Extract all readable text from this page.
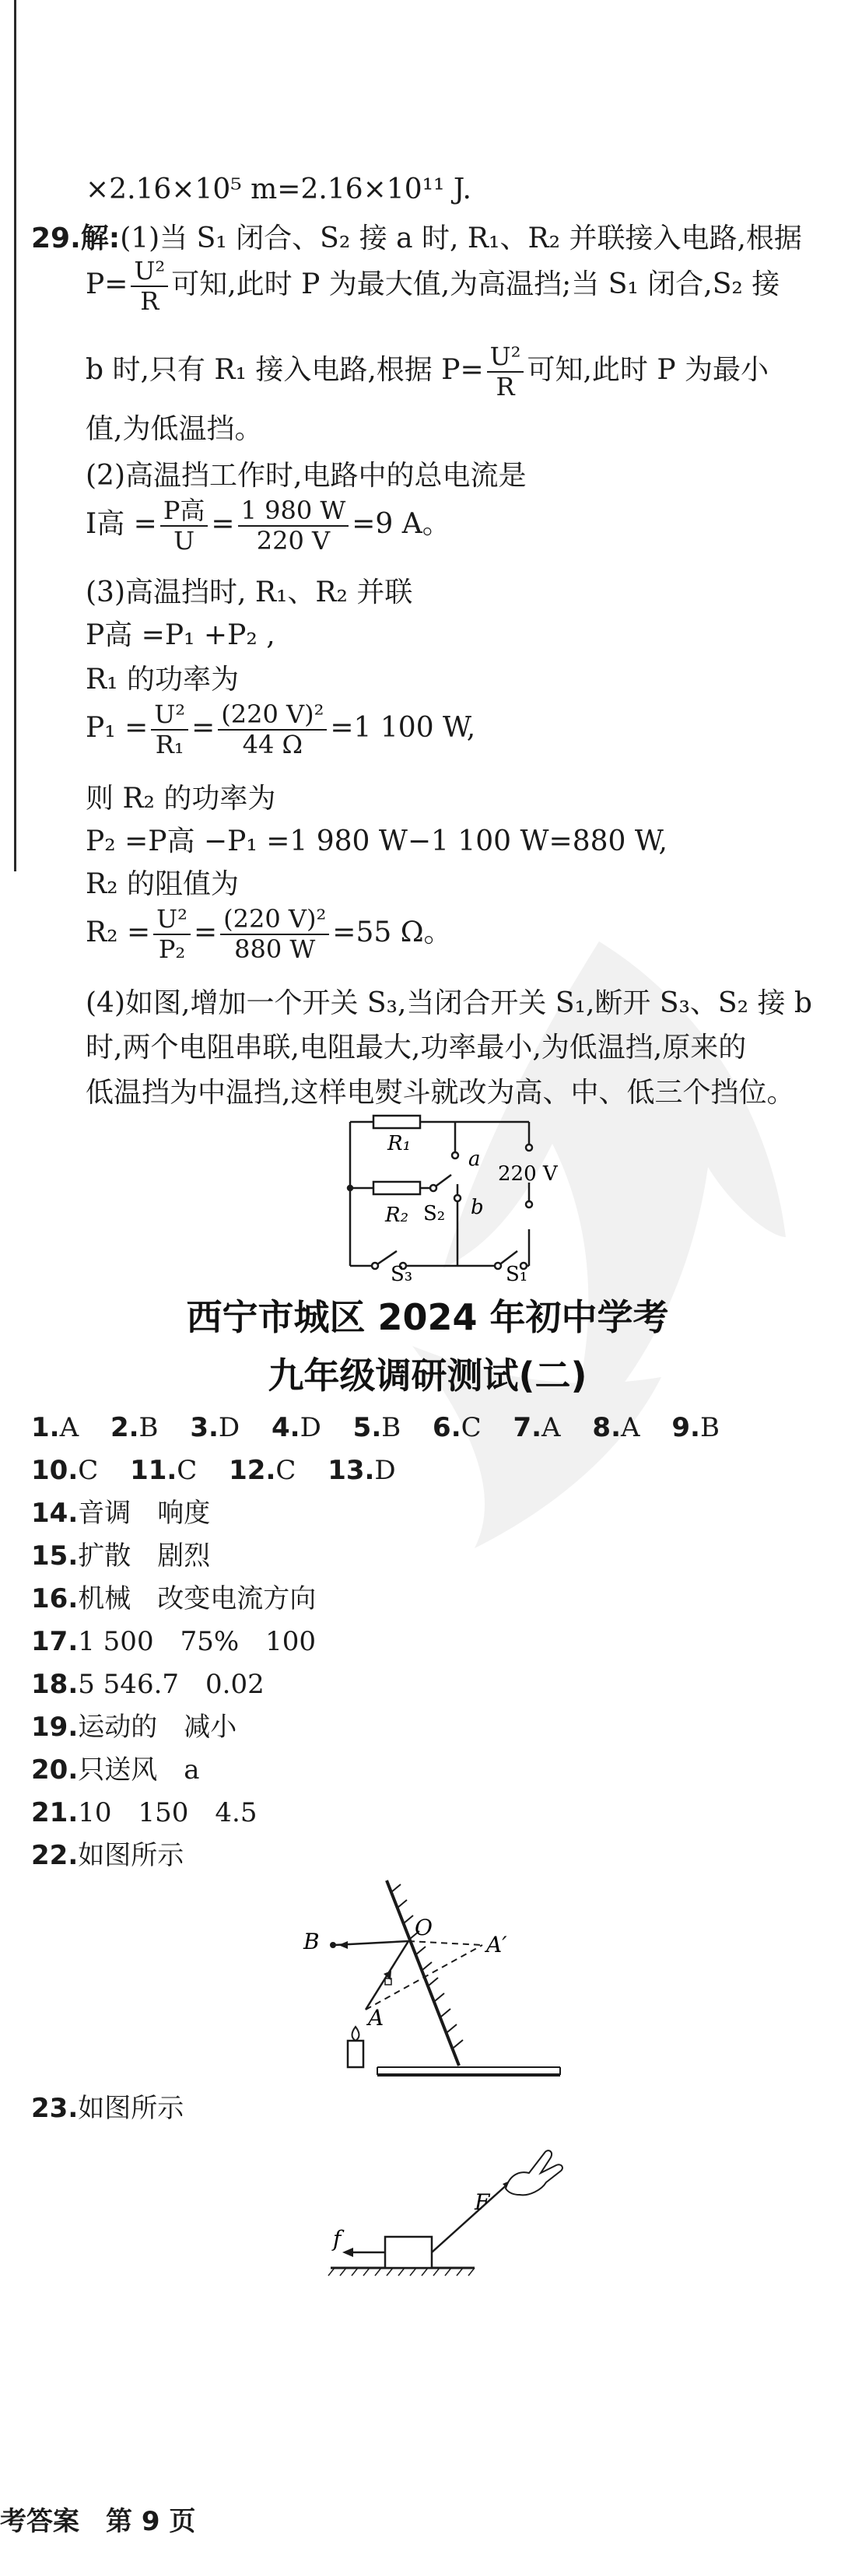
×2.16×10⁵ m=2.16×10¹¹ J.
29.解:(1)当 S₁ 闭合、S₂ 接 a 时, R₁、R₂ 并联接入电路,根据
$P= \frac{\text{U²}}{R}$ 可知,此时 P 为最大值,为高温挡;当 S₁ 闭合,S₂ 接
b 时,只有 R₁ 接入电路,根据 $P= \frac{\text{U²}}{R}$ 可知,此时 P 为最小
值,为低温挡。
(2)高温挡工作时,电路中的总电流是
I高 = $\frac{\text{P高}}{U} = \frac{1 980 W}{220 V} =9$ A。
(3)高温挡时, R₁、R₂ 并联
P高 =P₁ +P₂ ,
R₁ 的功率为
$P_1 = \frac{\text{U²}}{\text{R₁}} = \frac{\text{(220 V)²}}{44 \Omega} =1$ 100 W,
则 R₂ 的功率为
P₂ =P高 −P₁ =1 980 W−1 100 W=880 W,
R₂ 的阻值为
$R_2 = \frac{\text{U²}}{\text{P₂}} = \frac{\text{(220 V)²}}{880 W} =55$ Ω。
(4)如图,增加一个开关 S₃,当闭合开关 S₁,断开 S₃、S₂ 接 b
时,两个电阻串联,电阻最大,功率最小,为低温挡,原来的
低温挡为中温挡,这样电熨斗就改为高、中、低三个挡位。
R₁
a
220 V
R₂ S₂ b
S₃	S₁
西宁市城区 2024 年初中学考
九年级调研测试(二)
1.A 2.B 3.D 4.D 5.B 6.C 7.A 8.A 9.B
10.C 11.C 12.C 13.D
14.音调　响度
15.扩散　剧烈
16.机械　改变电流方向
17.1 500　75%　100
18.5 546.7　0.02
19.运动的　减小
20.只送风　a
21.10　150　4.5
22.如图所示
B
O
A′
A
23.如图所示
F
f
考答案　第 9 页
